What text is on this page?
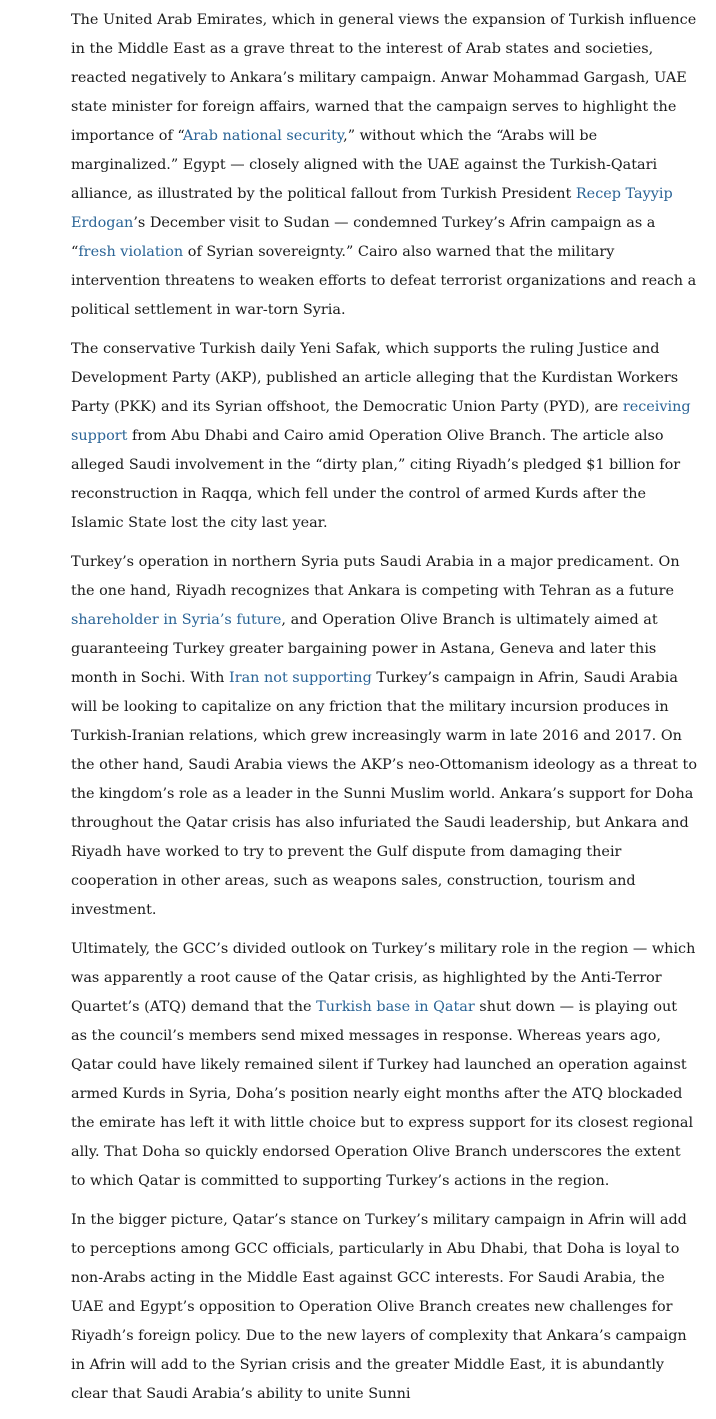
The United Arab Emirates, which in general views the expansion of Turkish influence in the Middle East as a grave threat to the interest of Arab states and societies, reacted negatively to Ankara’s military campaign. Anwar Mohammad Gargash, UAE state minister for foreign affairs, warned that the campaign serves to highlight the importance of “Arab national security,” without which the “Arabs will be marginalized.” Egypt — closely aligned with the UAE against the Turkish-Qatari alliance, as illustrated by the political fallout from Turkish President Recep Tayyip Erdogan’s December visit to Sudan — condemned Turkey’s Afrin campaign as a “fresh violation of Syrian sovereignty.” Cairo also warned that the military intervention threatens to weaken efforts to defeat terrorist organizations and reach a political settlement in war-torn Syria.

The conservative Turkish daily Yeni Safak, which supports the ruling Justice and Development Party (AKP), published an article alleging that the Kurdistan Workers Party (PKK) and its Syrian offshoot, the Democratic Union Party (PYD), are receiving support from Abu Dhabi and Cairo amid Operation Olive Branch. The article also alleged Saudi involvement in the “dirty plan,” citing Riyadh’s pledged $1 billion for reconstruction in Raqqa, which fell under the control of armed Kurds after the Islamic State lost the city last year.

Turkey’s operation in northern Syria puts Saudi Arabia in a major predicament. On the one hand, Riyadh recognizes that Ankara is competing with Tehran as a future shareholder in Syria’s future, and Operation Olive Branch is ultimately aimed at guaranteeing Turkey greater bargaining power in Astana, Geneva and later this month in Sochi. With Iran not supporting Turkey’s campaign in Afrin, Saudi Arabia will be looking to capitalize on any friction that the military incursion produces in Turkish-Iranian relations, which grew increasingly warm in late 2016 and 2017. On the other hand, Saudi Arabia views the AKP’s neo-Ottomanism ideology as a threat to the kingdom’s role as a leader in the Sunni Muslim world. Ankara’s support for Doha throughout the Qatar crisis has also infuriated the Saudi leadership, but Ankara and Riyadh have worked to try to prevent the Gulf dispute from damaging their cooperation in other areas, such as weapons sales, construction, tourism and investment.

Ultimately, the GCC’s divided outlook on Turkey’s military role in the region — which was apparently a root cause of the Qatar crisis, as highlighted by the Anti-Terror Quartet’s (ATQ) demand that the Turkish base in Qatar shut down — is playing out as the council’s members send mixed messages in response. Whereas years ago, Qatar could have likely remained silent if Turkey had launched an operation against armed Kurds in Syria, Doha’s position nearly eight months after the ATQ blockaded the emirate has left it with little choice but to express support for its closest regional ally. That Doha so quickly endorsed Operation Olive Branch underscores the extent to which Qatar is committed to supporting Turkey’s actions in the region.

In the bigger picture, Qatar’s stance on Turkey’s military campaign in Afrin will add to perceptions among GCC officials, particularly in Abu Dhabi, that Doha is loyal to non-Arabs acting in the Middle East against GCC interests. For Saudi Arabia, the UAE and Egypt’s opposition to Operation Olive Branch creates new challenges for Riyadh’s foreign policy. Due to the new layers of complexity that Ankara’s campaign in Afrin will add to the Syrian crisis and the greater Middle East, it is abundantly clear that Saudi Arabia’s ability to unite Sunni
